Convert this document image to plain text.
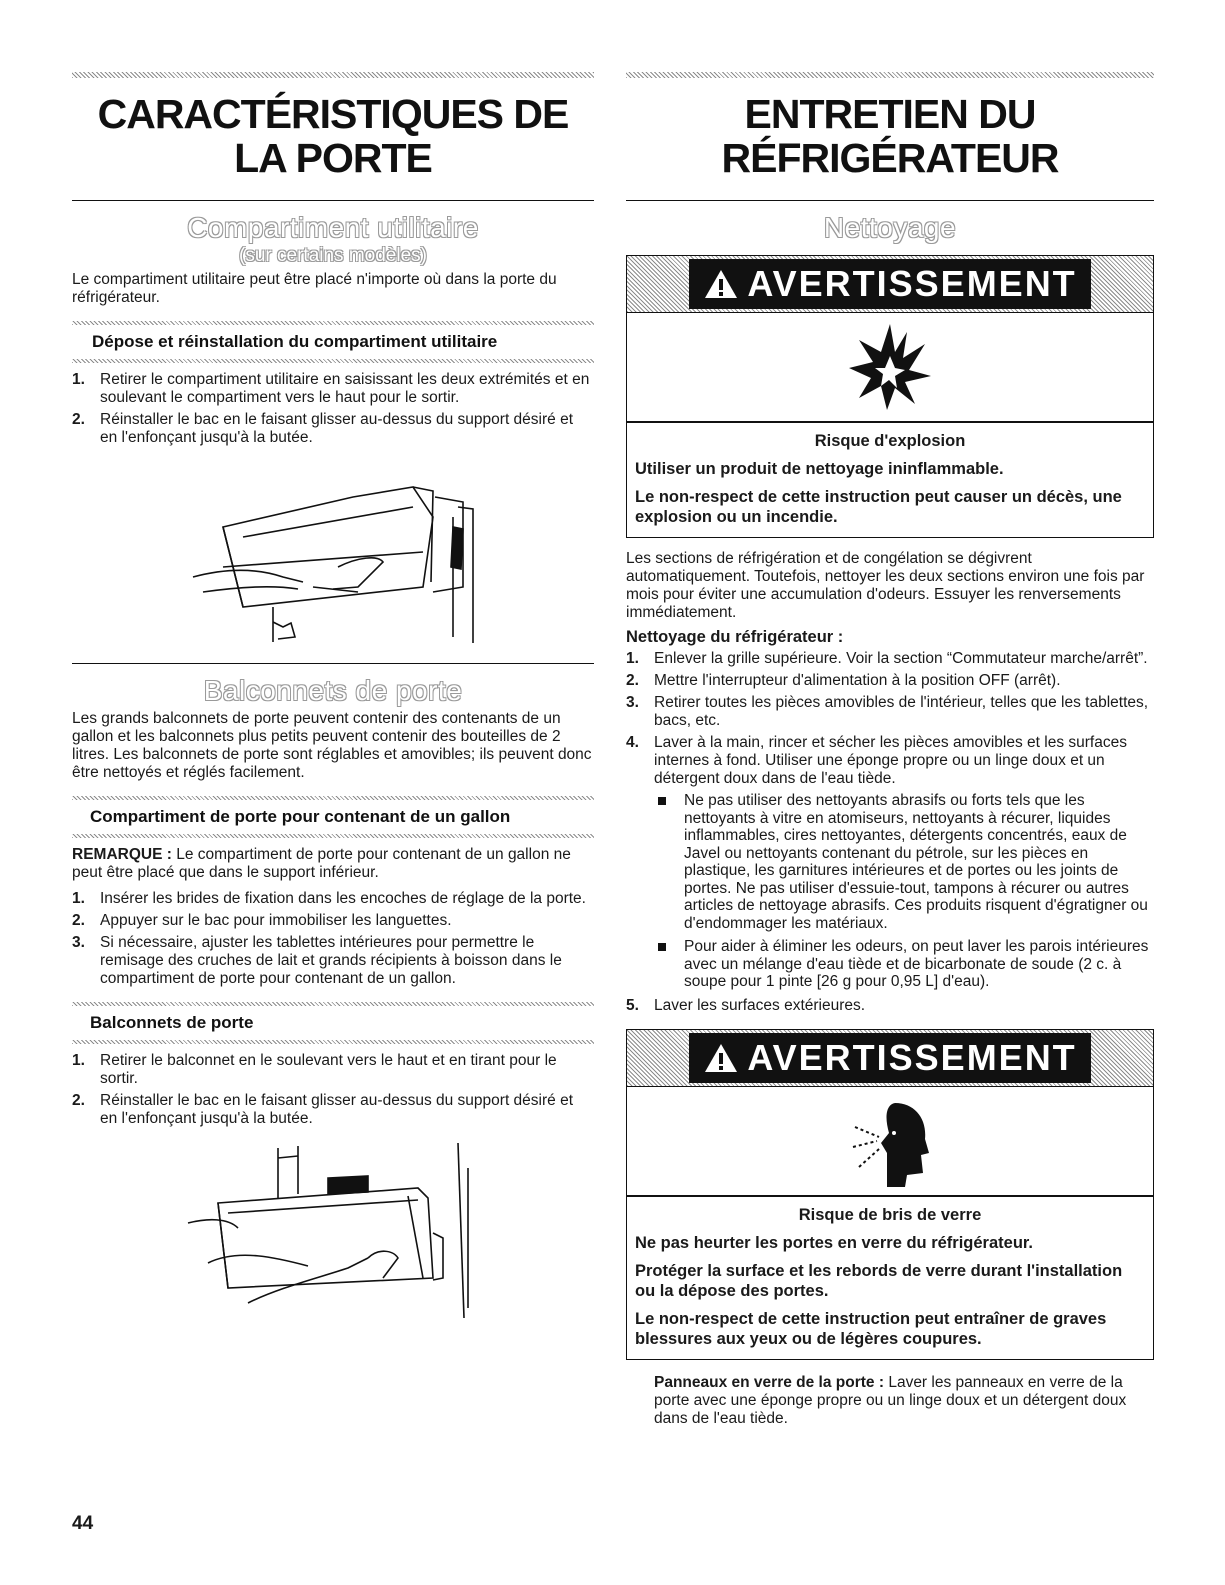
CARACTÉRISTIQUES DE
LA PORTE
Compartiment utilitaire
(sur certains modèles)

Le compartiment utilitaire peut être placé n'importe où dans la porte du réfrigérateur.

Dépose et réinstallation du compartiment utilitaire
1. Retirer le compartiment utilitaire en saisissant les deux extrémités et en soulevant le compartiment vers le haut pour le sortir.
2. Réinstaller le bac en le faisant glisser au-dessus du support désiré et en l'enfonçant jusqu'à la butée.
Balconnets de porte

Les grands balconnets de porte peuvent contenir des contenants de un gallon et les balconnets plus petits peuvent contenir des bouteilles de 2 litres. Les balconnets de porte sont réglables et amovibles; ils peuvent donc être nettoyés et réglés facilement.

Compartiment de porte pour contenant de un gallon

REMARQUE : Le compartiment de porte pour contenant de un gallon ne peut être placé que dans le support inférieur.

1. Insérer les brides de fixation dans les encoches de réglage de la porte.
2. Appuyer sur le bac pour immobiliser les languettes.
3. Si nécessaire, ajuster les tablettes intérieures pour permettre le remisage des cruches de lait et grands récipients à boisson dans le compartiment de porte pour contenant de un gallon.
Balconnets de porte
1. Retirer le balconnet en le soulevant vers le haut et en tirant pour le sortir.
2. Réinstaller le bac en le faisant glisser au-dessus du support désiré et en l'enfonçant jusqu'à la butée.
ENTRETIEN DU
RÉFRIGÉRATEUR
Nettoyage
AVERTISSEMENT

Risque d'explosion

Utiliser un produit de nettoyage ininflammable.

Le non-respect de cette instruction peut causer un décès, une explosion ou un incendie.

Les sections de réfrigération et de congélation se dégivrent automatiquement. Toutefois, nettoyer les deux sections environ une fois par mois pour éviter une accumulation d'odeurs. Essuyer les renversements immédiatement.

Nettoyage du réfrigérateur :

1. Enlever la grille supérieure. Voir la section “Commutateur marche/arrêt”.
2. Mettre l'interrupteur d'alimentation à la position OFF (arrêt).
3. Retirer toutes les pièces amovibles de l'intérieur, telles que les tablettes, bacs, etc.
4. Laver à la main, rincer et sécher les pièces amovibles et les surfaces internes à fond. Utiliser une éponge propre ou un linge doux et un détergent doux dans de l'eau tiède.
Ne pas utiliser des nettoyants abrasifs ou forts tels que les nettoyants à vitre en atomiseurs, nettoyants à récurer, liquides inflammables, cires nettoyantes, détergents concentrés, eaux de Javel ou nettoyants contenant du pétrole, sur les pièces en plastique, les garnitures intérieures et de portes ou les joints de portes. Ne pas utiliser d'essuie-tout, tampons à récurer ou autres articles de nettoyage abrasifs. Ces produits risquent d'égratigner ou d'endommager les matériaux.
Pour aider à éliminer les odeurs, on peut laver les parois intérieures avec un mélange d'eau tiède et de bicarbonate de soude (2 c. à soupe pour 1 pinte [26 g pour 0,95 L] d'eau).
5. Laver les surfaces extérieures.
AVERTISSEMENT

Risque de bris de verre

Ne pas heurter les portes en verre du réfrigérateur.

Protéger la surface et les rebords de verre durant l'installation ou la dépose des portes.

Le non-respect de cette instruction peut entraîner de graves blessures aux yeux ou de légères coupures.

Panneaux en verre de la porte : Laver les panneaux en verre de la porte avec une éponge propre ou un linge doux et un détergent doux dans de l'eau tiède.

44
